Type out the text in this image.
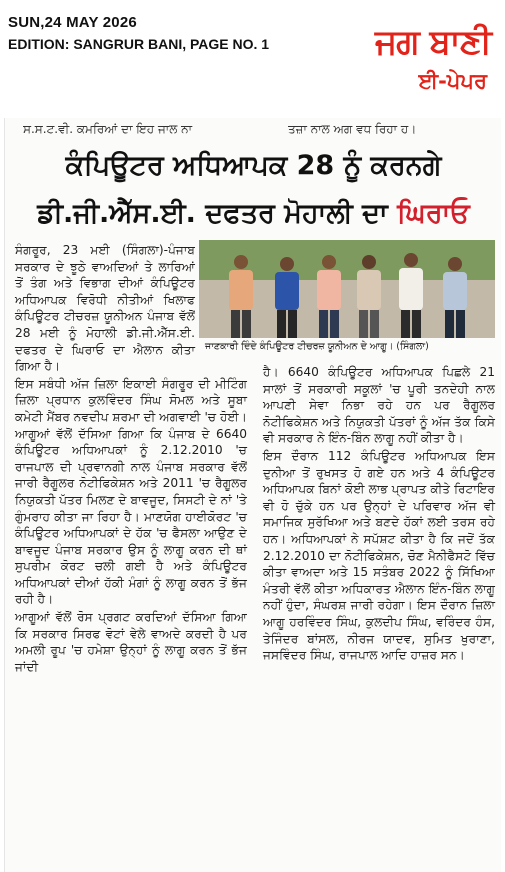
SUN,24 MAY 2026
EDITION: SANGRUR BANI, PAGE NO. 1	ਜਗ ਬਾਣੀ
ਈ-ਪੇਪਰ
ਸ.ਸ.ਟ.ਵੀ. ਕਮਰਿਆਂ ਦਾ ਇਹ ਜਾਲ ਨਾ	ਤਜ਼ਾ ਨਾਲ ਅਗ ਵਧ ਰਿਹਾ ਹ।
ਕੰਪਿਊਟਰ ਅਧਿਆਪਕ 28 ਨੂੰ ਕਰਨਗੇ
ਡੀ.ਜੀ.ਐੱਸ.ਈ. ਦਫਤਰ ਮੋਹਾਲੀ ਦਾ ਘਿਰਾਓ
ਜਾਣਕਾਰੀ ਦਿੰਦੇ ਕੰਪਿਊਟਰ ਟੀਚਰਜ਼ ਯੂਨੀਅਨ ਦੇ ਆਗੂ। (ਸਿੰਗਲਾ)

ਸੰਗਰੂਰ, 23 ਮਈ (ਸਿੰਗਲਾ)-ਪੰਜਾਬ ਸਰਕਾਰ ਦੇ ਝੂਠੇ ਵਾਅਦਿਆਂ ਤੇ ਲਾਰਿਆਂ ਤੋਂ ਤੰਗ ਅਤੇ ਵਿਭਾਗ ਦੀਆਂ ਕੰਪਿਊਟਰ ਅਧਿਆਪਕ ਵਿਰੋਧੀ ਨੀਤੀਆਂ ਖਿਲਾਫ ਕੰਪਿਊਟਰ ਟੀਚਰਜ਼ ਯੂਨੀਅਨ ਪੰਜਾਬ ਵੱਲੋਂ 28 ਮਈ ਨੂੰ ਮੋਹਾਲੀ ਡੀ.ਜੀ.ਐੱਸ.ਈ. ਦਫਤਰ ਦੇ ਘਿਰਾਓ ਦਾ ਐਲਾਨ ਕੀਤਾ ਗਿਆ ਹੈ।

ਇਸ ਸਬੰਧੀ ਅੱਜ ਜ਼ਿਲਾ ਇਕਾਈ ਸੰਗਰੂਰ ਦੀ ਮੀਟਿੰਗ ਜ਼ਿਲਾ ਪ੍ਰਧਾਨ ਕੁਲਵਿੰਦਰ ਸਿੰਘ ਸੋਮਲ ਅਤੇ ਸੂਬਾ ਕਮੇਟੀ ਮੈਂਬਰ ਨਵਦੀਪ ਸ਼ਰਮਾ ਦੀ ਅਗਵਾਈ 'ਚ ਹੋਈ। ਆਗੂਆਂ ਵੱਲੋਂ ਦੱਸਿਆ ਗਿਆ ਕਿ ਪੰਜਾਬ ਦੇ 6640 ਕੰਪਿਊਟਰ ਅਧਿਆਪਕਾਂ ਨੂੰ 2.12.2010 'ਚ ਰਾਜਪਾਲ ਦੀ ਪ੍ਰਵਾਨਗੀ ਨਾਲ ਪੰਜਾਬ ਸਰਕਾਰ ਵੱਲੋਂ ਜਾਰੀ ਰੈਗੂਲਰ ਨੋਟੀਫਿਕੇਸ਼ਨ ਅਤੇ 2011 'ਚ ਰੈਗੂਲਰ ਨਿਯੁਕਤੀ ਪੱਤਰ ਮਿਲਣ ਦੇ ਬਾਵਜੂਦ, ਸਿਸਟੀ ਦੇ ਨਾਂ 'ਤੇ ਗੁੰਮਰਾਹ ਕੀਤਾ ਜਾ ਰਿਹਾ ਹੈ। ਮਾਣਯੋਗ ਹਾਈਕੋਰਟ 'ਚ ਕੰਪਿਊਟਰ ਅਧਿਆਪਕਾਂ ਦੇ ਹੱਕ 'ਚ ਫੈਸਲਾ ਆਉਣ ਦੇ ਬਾਵਜੂਦ ਪੰਜਾਬ ਸਰਕਾਰ ਉਸ ਨੂੰ ਲਾਗੂ ਕਰਨ ਦੀ ਥਾਂ ਸੁਪਰੀਮ ਕੋਰਟ ਚਲੀ ਗਈ ਹੈ ਅਤੇ ਕੰਪਿਊਟਰ ਅਧਿਆਪਕਾਂ ਦੀਆਂ ਹੱਕੀ ਮੰਗਾਂ ਨੂੰ ਲਾਗੂ ਕਰਨ ਤੋਂ ਭੱਜ ਰਹੀ ਹੈ।

ਆਗੂਆਂ ਵੱਲੋਂ ਰੋਸ ਪ੍ਰਗਟ ਕਰਦਿਆਂ ਦੱਸਿਆ ਗਿਆ ਕਿ ਸਰਕਾਰ ਸਿਰਫ ਵੋਟਾਂ ਵੇਲੇ ਵਾਅਦੇ ਕਰਦੀ ਹੈ ਪਰ ਅਮਲੀ ਰੂਪ 'ਚ ਹਮੇਸ਼ਾ ਉਨ੍ਹਾਂ ਨੂੰ ਲਾਗੂ ਕਰਨ ਤੋਂ ਭੱਜ ਜਾਂਦੀ

ਹੈ। 6640 ਕੰਪਿਊਟਰ ਅਧਿਆਪਕ ਪਿਛਲੇ 21 ਸਾਲਾਂ ਤੋਂ ਸਰਕਾਰੀ ਸਕੂਲਾਂ 'ਚ ਪੂਰੀ ਤਨਦੇਹੀ ਨਾਲ ਆਪਣੀ ਸੇਵਾ ਨਿਭਾ ਰਹੇ ਹਨ ਪਰ ਰੈਗੂਲਰ ਨੋਟੀਫਿਕੇਸ਼ਨ ਅਤੇ ਨਿਯੁਕਤੀ ਪੱਤਰਾਂ ਨੂੰ ਅੱਜ ਤੱਕ ਕਿਸੇ ਵੀ ਸਰਕਾਰ ਨੇ ਇੰਨ-ਬਿੰਨ ਲਾਗੂ ਨਹੀਂ ਕੀਤਾ ਹੈ।

ਇਸ ਦੌਰਾਨ 112 ਕੰਪਿਊਟਰ ਅਧਿਆਪਕ ਇਸ ਦੁਨੀਆ ਤੋਂ ਰੁਖਸਤ ਹੋ ਗਏ ਹਨ ਅਤੇ 4 ਕੰਪਿਊਟਰ ਅਧਿਆਪਕ ਬਿਨਾਂ ਕੋਈ ਲਾਭ ਪ੍ਰਾਪਤ ਕੀਤੇ ਰਿਟਾਇਰ ਵੀ ਹੋ ਚੁੱਕੇ ਹਨ ਪਰ ਉਨ੍ਹਾਂ ਦੇ ਪਰਿਵਾਰ ਅੱਜ ਵੀ ਸਮਾਜਿਕ ਸੁਰੱਖਿਆ ਅਤੇ ਬਣਦੇ ਹੱਕਾਂ ਲਈ ਤਰਸ ਰਹੇ ਹਨ। ਅਧਿਆਪਕਾਂ ਨੇ ਸਪੱਸ਼ਟ ਕੀਤਾ ਹੈ ਕਿ ਜਦੋਂ ਤੱਕ 2.12.2010 ਦਾ ਨੋਟੀਫਿਕੇਸ਼ਨ, ਚੋਣ ਮੈਨੀਫੈਸਟੋ ਵਿੱਚ ਕੀਤਾ ਵਾਅਦਾ ਅਤੇ 15 ਸਤੰਬਰ 2022 ਨੂੰ ਸਿੱਖਿਆ ਮੰਤਰੀ ਵੱਲੋਂ ਕੀਤਾ ਅਧਿਕਾਰਤ ਐਲਾਨ ਇੰਨ-ਬਿੰਨ ਲਾਗੂ ਨਹੀਂ ਹੁੰਦਾ, ਸੰਘਰਸ਼ ਜਾਰੀ ਰਹੇਗਾ। ਇਸ ਦੌਰਾਨ ਜ਼ਿਲਾ ਆਗੂ ਹਰਵਿੰਦਰ ਸਿੰਘ, ਕੁਲਦੀਪ ਸਿੰਘ, ਵਰਿੰਦਰ ਹੰਸ, ਤੇਜਿੰਦਰ ਬਾਂਸਲ, ਨੀਰਜ ਯਾਦਵ, ਸੁਮਿਤ ਖੁਰਾਣਾ, ਜਸਵਿੰਦਰ ਸਿੰਘ, ਰਾਜਪਾਲ ਆਦਿ ਹਾਜ਼ਰ ਸਨ।
